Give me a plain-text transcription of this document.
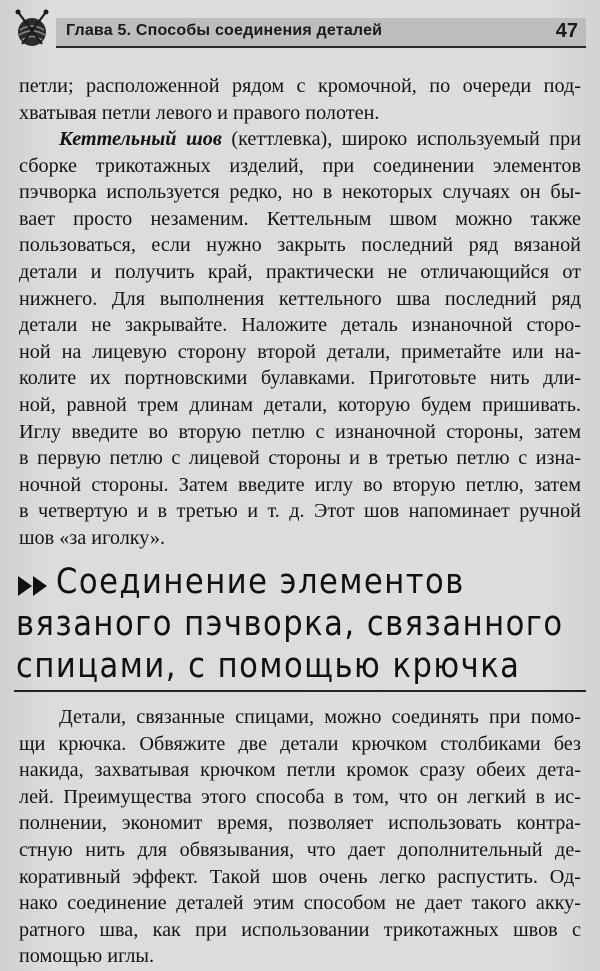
Глава 5. Способы соединения деталей	47
петли; расположенной рядом с кромочной, по очереди под-
хватывая петли левого и правого полотен.
Кеттельный шов (кеттлевка), широко используемый при
сборке трикотажных изделий, при соединении элементов
пэчворка используется редко, но в некоторых случаях он бы-
вает просто незаменим. Кеттельным швом можно также
пользоваться, если нужно закрыть последний ряд вязаной
детали и получить край, практически не отличающийся от
нижнего. Для выполнения кеттельного шва последний ряд
детали не закрывайте. Наложите деталь изнаночной сторо-
ной на лицевую сторону второй детали, приметайте или на-
колите их портновскими булавками. Приготовьте нить дли-
ной, равной трем длинам детали, которую будем пришивать.
Иглу введите во вторую петлю с изнаночной стороны, затем
в первую петлю с лицевой стороны и в третью петлю с изна-
ночной стороны. Затем введите иглу во вторую петлю, затем
в четвертую и в третью и т. д. Этот шов напоминает ручной
шов «за иголку».
Соединение элементов
вязаного пэчворка, связанного
спицами, с помощью крючка
Детали, связанные спицами, можно соединять при помо-
щи крючка. Обвяжите две детали крючком столбиками без
накида, захватывая крючком петли кромок сразу обеих дета-
лей. Преимущества этого способа в том, что он легкий в ис-
полнении, экономит время, позволяет использовать контра-
стную нить для обвязывания, что дает дополнительный де-
коративный эффект. Такой шов очень легко распустить. Од-
нако соединение деталей этим способом не дает такого акку-
ратного шва, как при использовании трикотажных швов с
помощью иглы.
